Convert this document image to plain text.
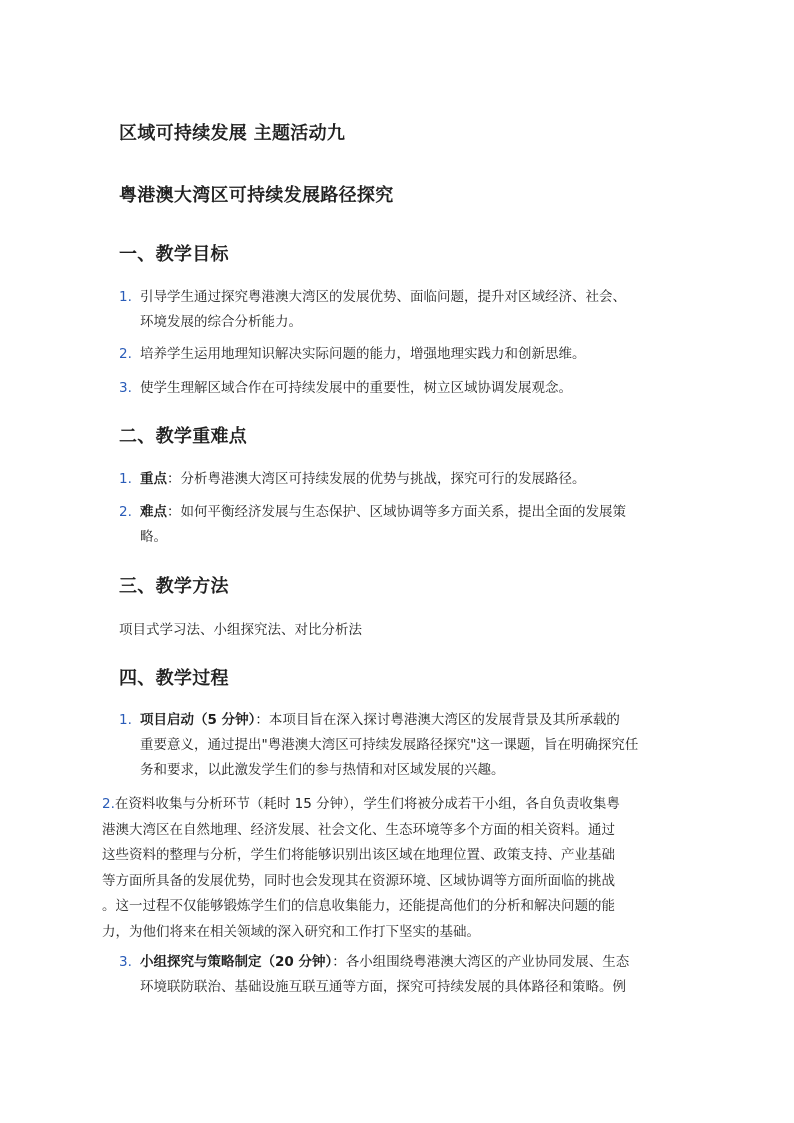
区域可持续发展 主题活动九
粤港澳大湾区可持续发展路径探究
一、教学目标
1. 引导学生通过探究粤港澳大湾区的发展优势、面临问题，提升对区域经济、社会、
环境发展的综合分析能力。
2. 培养学生运用地理知识解决实际问题的能力，增强地理实践力和创新思维。
3. 使学生理解区域合作在可持续发展中的重要性，树立区域协调发展观念。
二、教学重难点
1. 重点：分析粤港澳大湾区可持续发展的优势与挑战，探究可行的发展路径。
2. 难点：如何平衡经济发展与生态保护、区域协调等多方面关系，提出全面的发展策
略。
三、教学方法
项目式学习法、小组探究法、对比分析法
四、教学过程
1. 项目启动（5 分钟）：本项目旨在深入探讨粤港澳大湾区的发展背景及其所承载的
重要意义，通过提出"粤港澳大湾区可持续发展路径探究"这一课题，旨在明确探究任
务和要求，以此激发学生们的参与热情和对区域发展的兴趣。
2.在资料收集与分析环节（耗时 15 分钟），学生们将被分成若干小组，各自负责收集粤
港澳大湾区在自然地理、经济发展、社会文化、生态环境等多个方面的相关资料。通过
这些资料的整理与分析，学生们将能够识别出该区域在地理位置、政策支持、产业基础
等方面所具备的发展优势，同时也会发现其在资源环境、区域协调等方面所面临的挑战
。这一过程不仅能够锻炼学生们的信息收集能力，还能提高他们的分析和解决问题的能
力，为他们将来在相关领域的深入研究和工作打下坚实的基础。
3. 小组探究与策略制定（20 分钟）：各小组围绕粤港澳大湾区的产业协同发展、生态
环境联防联治、基础设施互联互通等方面，探究可持续发展的具体路径和策略。例
